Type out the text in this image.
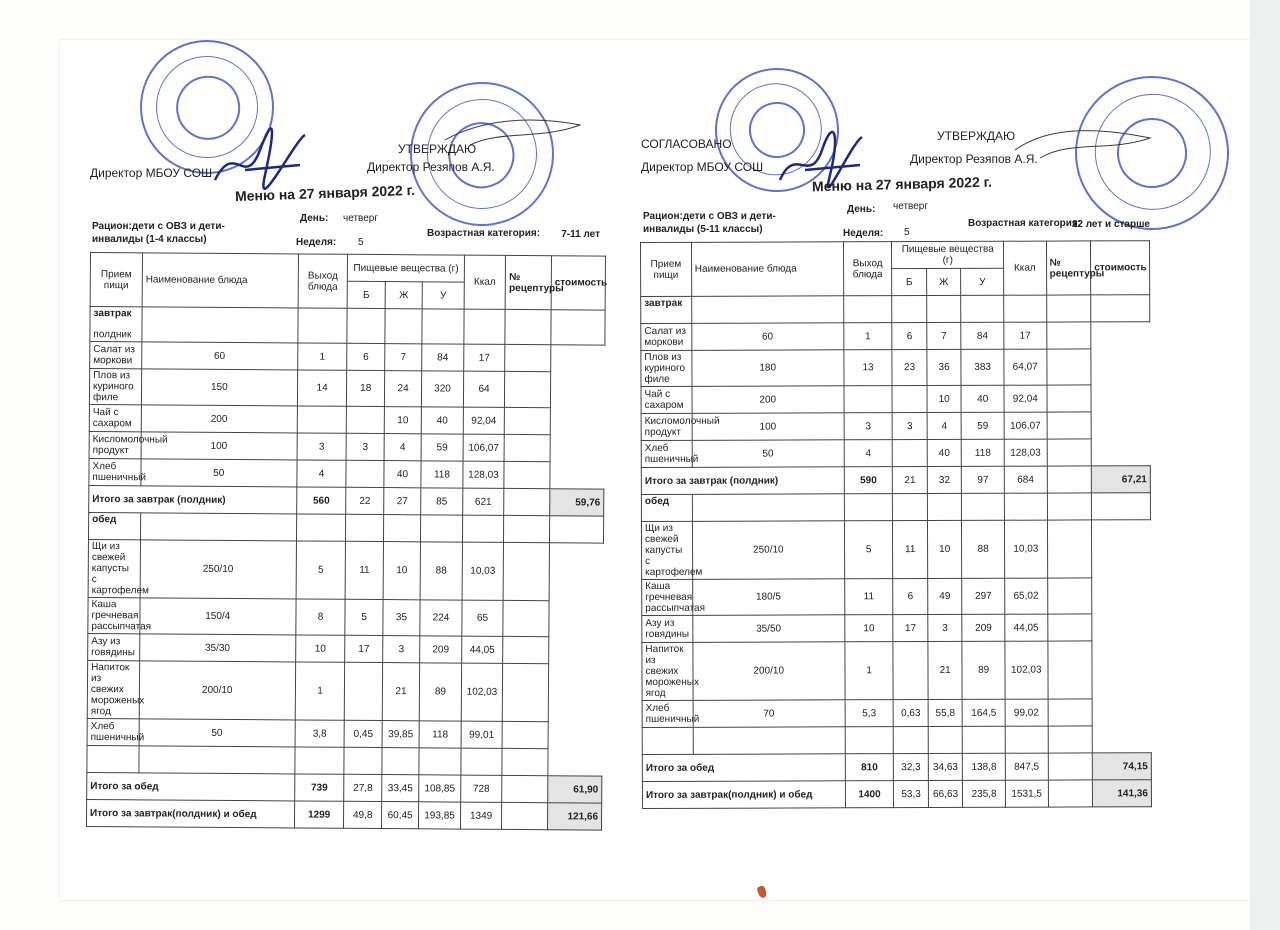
УТВЕРЖДАЮ
Директор МБОУ СОШ	Директор Резяпов А.Я.
Меню на 27 января 2022 г.
Рацион:дети с ОВЗ и дети-инвалиды (1-4 классы)
День: четверг
Неделя: 5
Возрастная категория:	7-11 лет
Прием пищи	Наименование блюда	Выход блюда	Пищевые вещества (г)			Ккал	№ рецептуры	стоимость
			Б	Ж	У			

завтрак
полдник								

Салат из моркови	60	1	6	7	84	17		
Плов из куриного филе	150	14	18	24	320	64		
Чай с сахаром	200			10	40	92,04		
Кисломолочный продукт	100	3	3	4	59	106,07		
Хлеб пшеничный	50	4		40	118	128,03		
Итого за завтрак (полдник)		560	22	27	85	621		59,76
обед								
Щи из свежей капусты с картофелем	250/10	5	11	10	88	10,03		
Каша гречневая рассыпчатая	150/4	8	5	35	224	65		
Азу из говядины	35/30	10	17	3	209	44,05		
Напиток из свежих мороженых ягод	200/10	1		21	89	102,03		
Хлеб пшеничный	50	3,8	0,45	39,85	118	99,01		

Итого за обед		739	27,8	33,45	108,85	728		61,90
Итого за завтрак(полдник) и обед		1299	49,8	60,45	193,85	1349		121,66
СОГЛАСОВАНО
УТВЕРЖДАЮ
Директор МБОУ СОШ
Директор Резяпов А.Я.
Меню на 27 января 2022 г.
Рацион:дети с ОВЗ и дети-инвалиды (5-11 классы)
День: четверг
Неделя: 5
Возрастная категория:
12 лет и старше
Прием пищи	Наименование блюда	Выход блюда	Пищевые вещества (г)			Ккал	№ рецептуры	стоимость
			Б	Ж	У			
завтрак								
Салат из моркови	60	1	6	7	84	17		
Плов из куриного филе	180	13	23	36	383	64,07		
Чай с сахаром	200			10	40	92,04		
Кисломолочный продукт	100	3	3	4	59	106,07		
Хлеб пшеничный	50	4		40	118	128,03		
Итого за завтрак (полдник)		590	21	32	97	684		67,21
обед								
Щи из свежей капусты с картофелем	250/10	5	11	10	88	10,03		
Каша гречневая рассыпчатая	180/5	11	6	49	297	65,02		
Азу из говядины	35/50	10	17	3	209	44,05		
Напиток из свежих мороженых ягод	200/10	1		21	89	102,03		
Хлеб пшеничный	70	5,3	0,63	55,8	164,5	99,02		

Итого за обед		810	32,3	34,63	138,8	847,5		74,15
Итого за завтрак(полдник) и обед		1400	53,3	66,63	235,8	1531,5		141,36
